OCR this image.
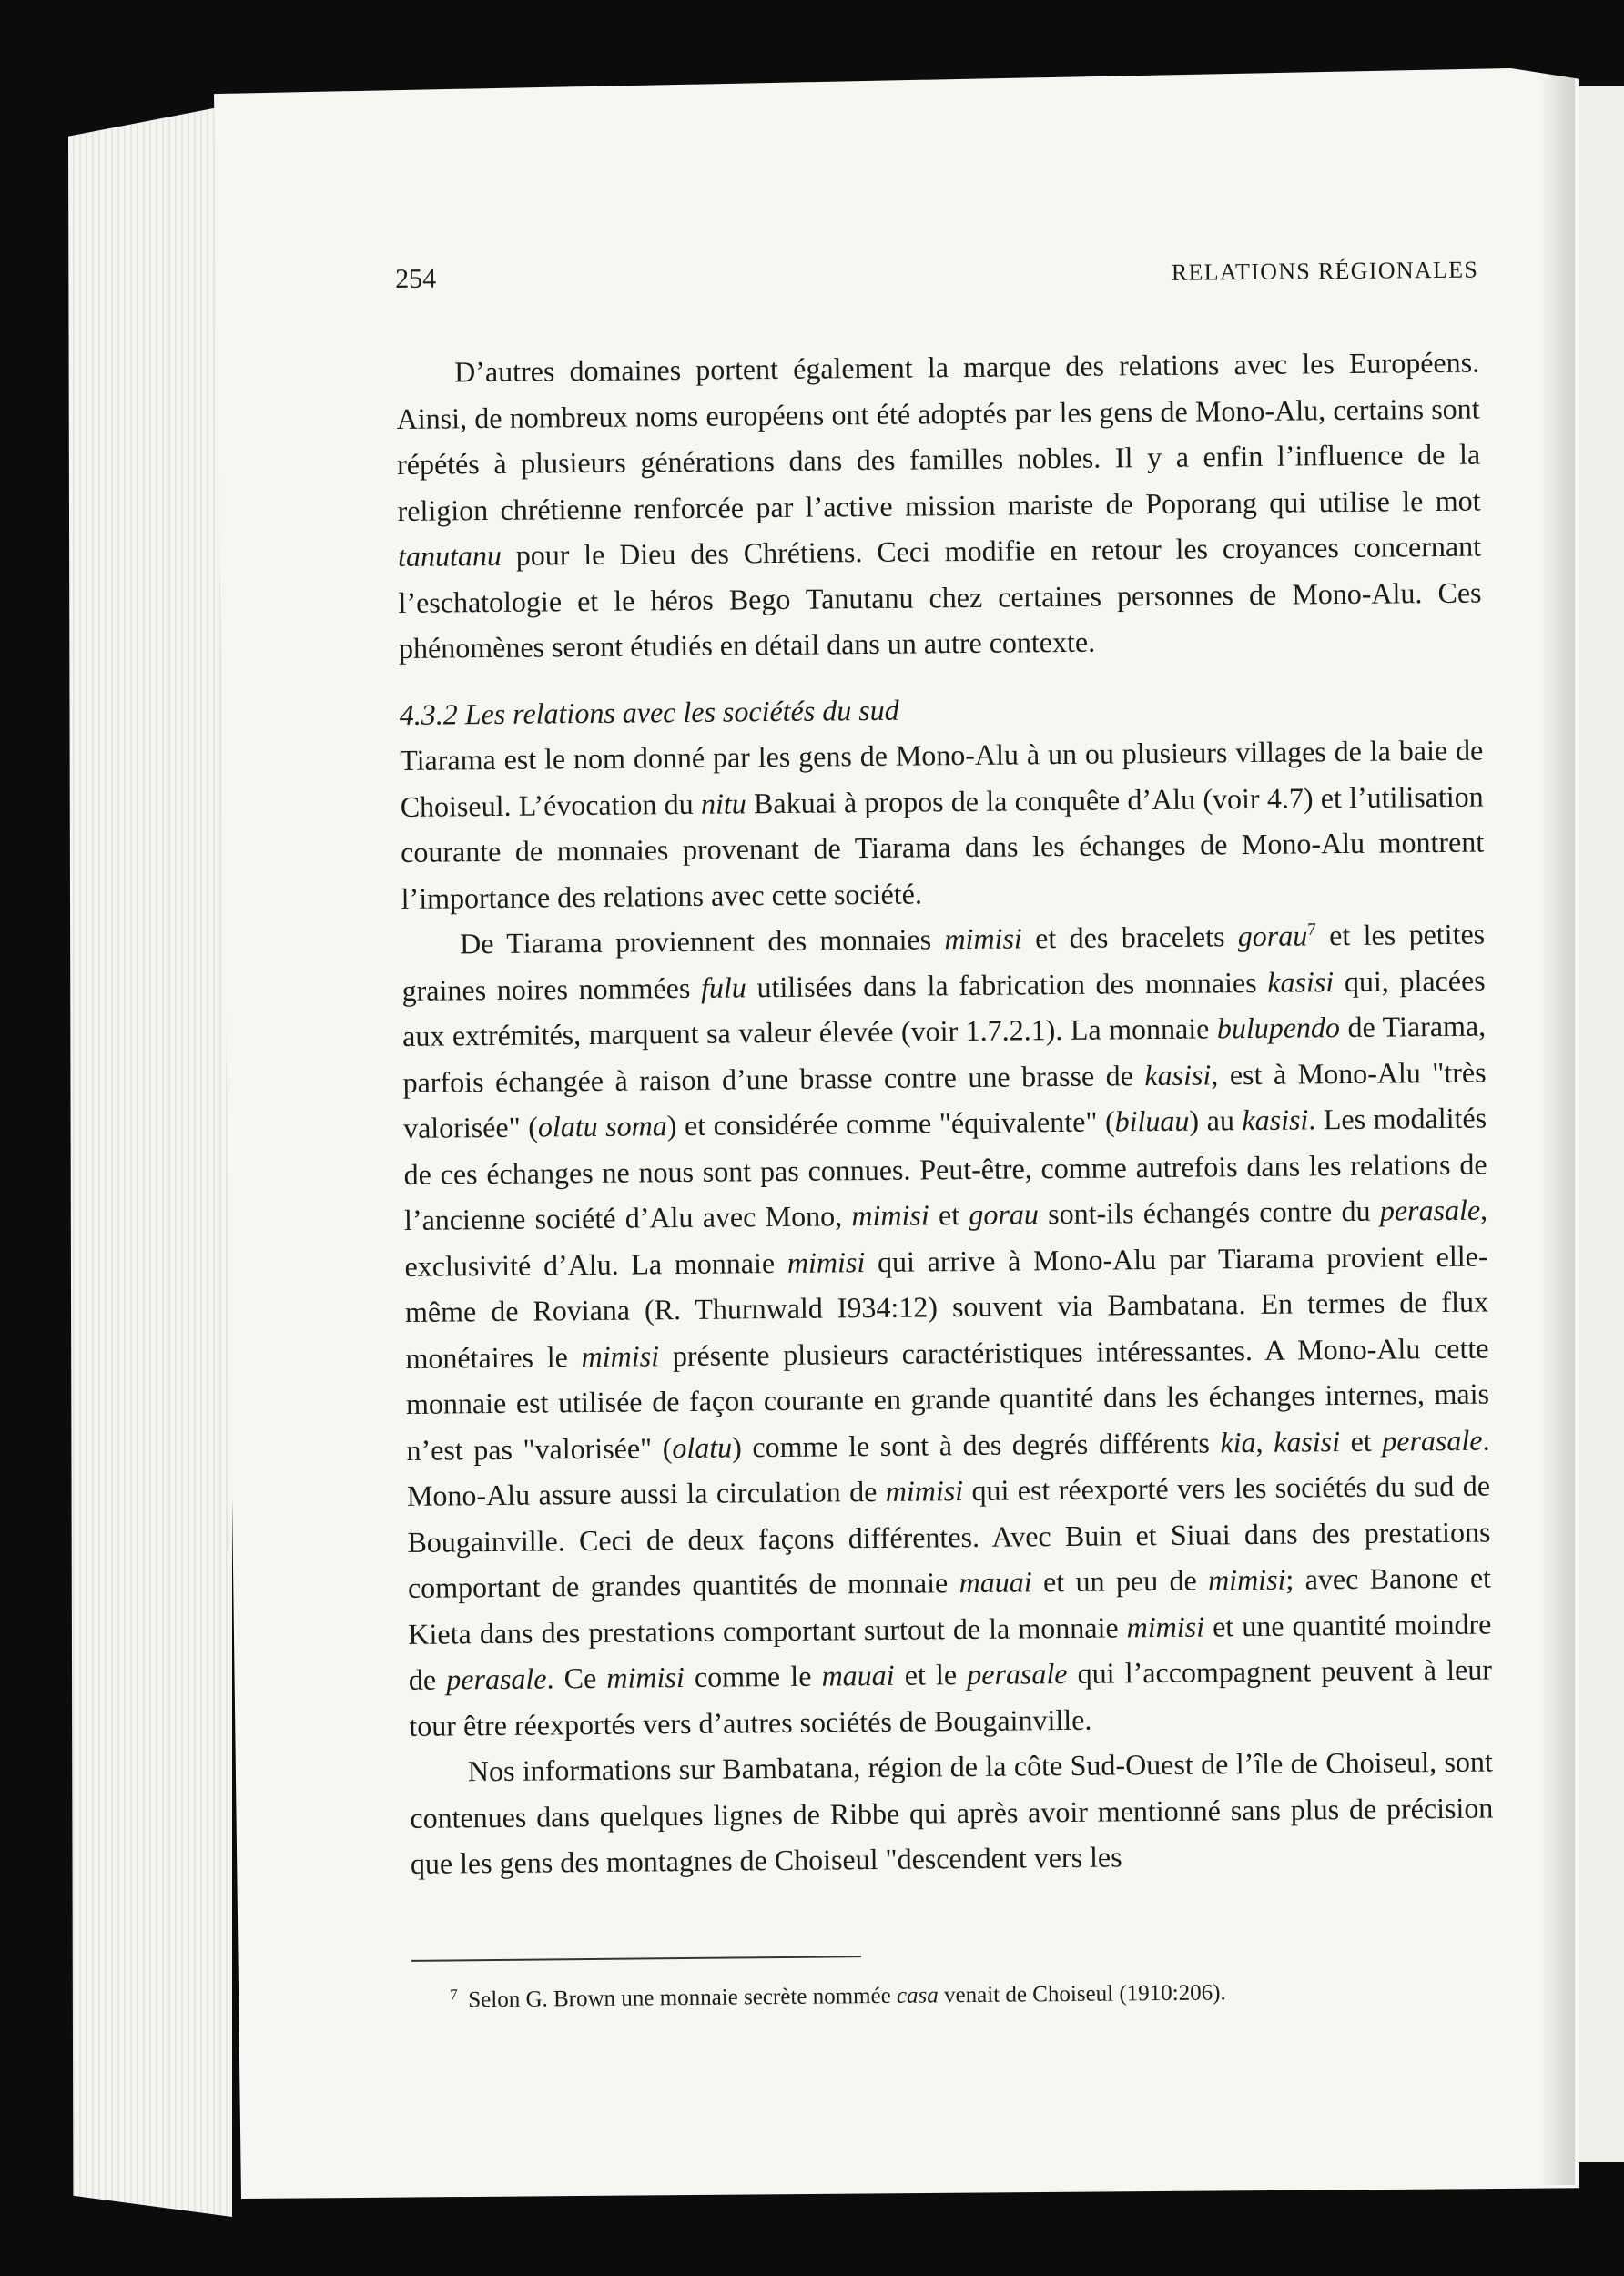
254	RELATIONS RÉGIONALES

D’autres domaines portent également la marque des relations avec les Européens. Ainsi, de nombreux noms européens ont été adoptés par les gens de Mono-Alu, certains sont répétés à plusieurs générations dans des familles nobles. Il y a enfin l’influence de la religion chrétienne renforcée par l’active mission mariste de Poporang qui utilise le mot tanutanu pour le Dieu des Chrétiens. Ceci modifie en retour les croyances concernant l’eschatologie et le héros Bego Tanutanu chez certaines personnes de Mono-Alu. Ces phénomènes seront étudiés en détail dans un autre contexte.

4.3.2 Les relations avec les sociétés du sud

Tiarama est le nom donné par les gens de Mono-Alu à un ou plusieurs villages de la baie de Choiseul. L’évocation du nitu Bakuai à propos de la conquête d’Alu (voir 4.7) et l’utilisation courante de monnaies provenant de Tiarama dans les échanges de Mono-Alu montrent l’importance des relations avec cette société.

De Tiarama proviennent des monnaies mimisi et des bracelets gorau$^7$ et les petites graines noires nommées fulu utilisées dans la fabrication des monnaies kasisi qui, placées aux extrémités, marquent sa valeur élevée (voir 1.7.2.1). La monnaie bulupendo de Tiarama, parfois échangée à raison d’une brasse contre une brasse de kasisi, est à Mono-Alu "très valorisée" (olatu soma) et considérée comme "équivalente" (biluau) au kasisi. Les modalités de ces échanges ne nous sont pas connues. Peut-être, comme autrefois dans les relations de l’ancienne société d’Alu avec Mono, mimisi et gorau sont-ils échangés contre du perasale, exclusivité d’Alu. La monnaie mimisi qui arrive à Mono-Alu par Tiarama provient elle-même de Roviana (R. Thurnwald I934:12) souvent via Bambatana. En termes de flux monétaires le mimisi présente plusieurs caractéristiques intéressantes. A Mono-Alu cette monnaie est utilisée de façon courante en grande quantité dans les échanges internes, mais n’est pas "valorisée" (olatu) comme le sont à des degrés différents kia, kasisi et perasale. Mono-Alu assure aussi la circulation de mimisi qui est réexporté vers les sociétés du sud de Bougainville. Ceci de deux façons différentes. Avec Buin et Siuai dans des prestations comportant de grandes quantités de monnaie mauai et un peu de mimisi; avec Banone et Kieta dans des prestations comportant surtout de la monnaie mimisi et une quantité moindre de perasale. Ce mimisi comme le mauai et le perasale qui l’accompagnent peuvent à leur tour être réexportés vers d’autres sociétés de Bougainville.

Nos informations sur Bambatana, région de la côte Sud-Ouest de l’île de Choiseul, sont contenues dans quelques lignes de Ribbe qui après avoir mentionné sans plus de précision que les gens des montagnes de Choiseul "descendent vers les

7 Selon G. Brown une monnaie secrète nommée casa venait de Choiseul (1910:206).
